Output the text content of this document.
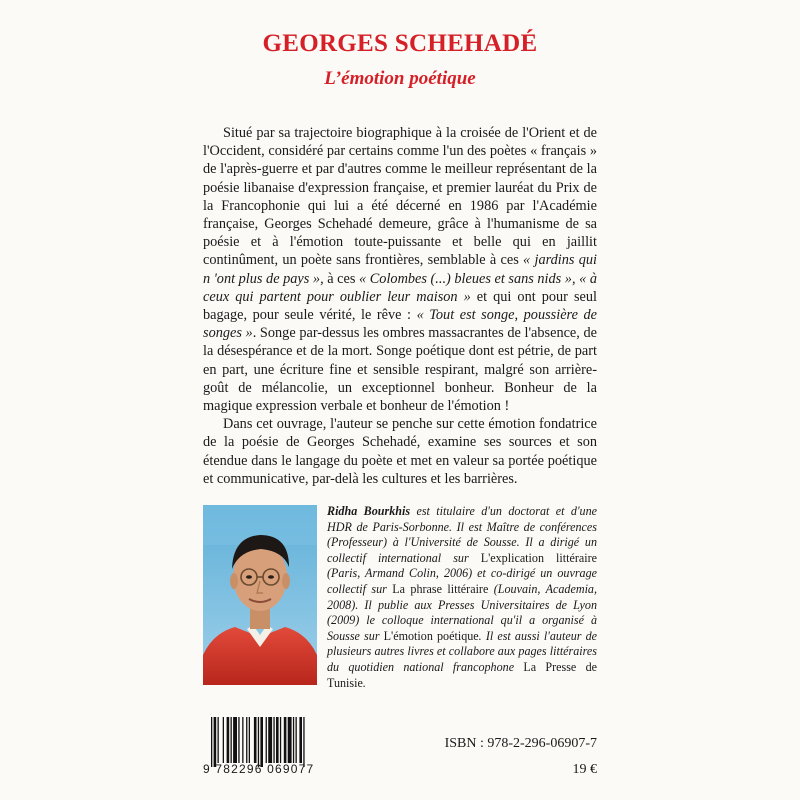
GEORGES SCHEHADÉ
L’émotion poétique

Situé par sa trajectoire biographique à la croisée de l'Orient et de l'Occident, considéré par certains comme l'un des poètes « français » de l'après-guerre et par d'autres comme le meilleur représentant de la poésie libanaise d'expression française, et premier lauréat du Prix de la Francophonie qui lui a été décerné en 1986 par l'Académie française, Georges Schehadé demeure, grâce à l'humanisme de sa poésie et à l'émotion toute-puissante et belle qui en jaillit continûment, un poète sans frontières, semblable à ces « jardins qui n 'ont plus de pays », à ces « Colombes (...) bleues et sans nids », « à ceux qui partent pour oublier leur maison » et qui ont pour seul bagage, pour seule vérité, le rêve : « Tout est songe, poussière de songes ». Songe par-dessus les ombres massacrantes de l'absence, de la désespérance et de la mort. Songe poétique dont est pétrie, de part en part, une écriture fine et sensible respirant, malgré son arrière-goût de mélancolie, un exceptionnel bonheur. Bonheur de la magique expression verbale et bonheur de l'émotion !

Dans cet ouvrage, l'auteur se penche sur cette émotion fondatrice de la poésie de Georges Schehadé, examine ses sources et son étendue dans le langage du poète et met en valeur sa portée poétique et communicative, par-delà les cultures et les barrières.

Ridha Bourkhis est titulaire d'un doctorat et d'une HDR de Paris-Sorbonne. Il est Maître de conférences (Professeur) à l'Université de Sousse. Il a dirigé un collectif international sur L'explication littéraire (Paris, Armand Colin, 2006) et co-dirigé un ouvrage collectif sur La phrase littéraire (Louvain, Academia, 2008). Il publie aux Presses Universitaires de Lyon (2009) le colloque international qu'il a organisé à Sousse sur L'émotion poétique. Il est aussi l'auteur de plusieurs autres livres et collabore aux pages littéraires du quotidien national francophone La Presse de Tunisie.
9 782296 069077
ISBN : 978-2-296-06907-7
19 €
